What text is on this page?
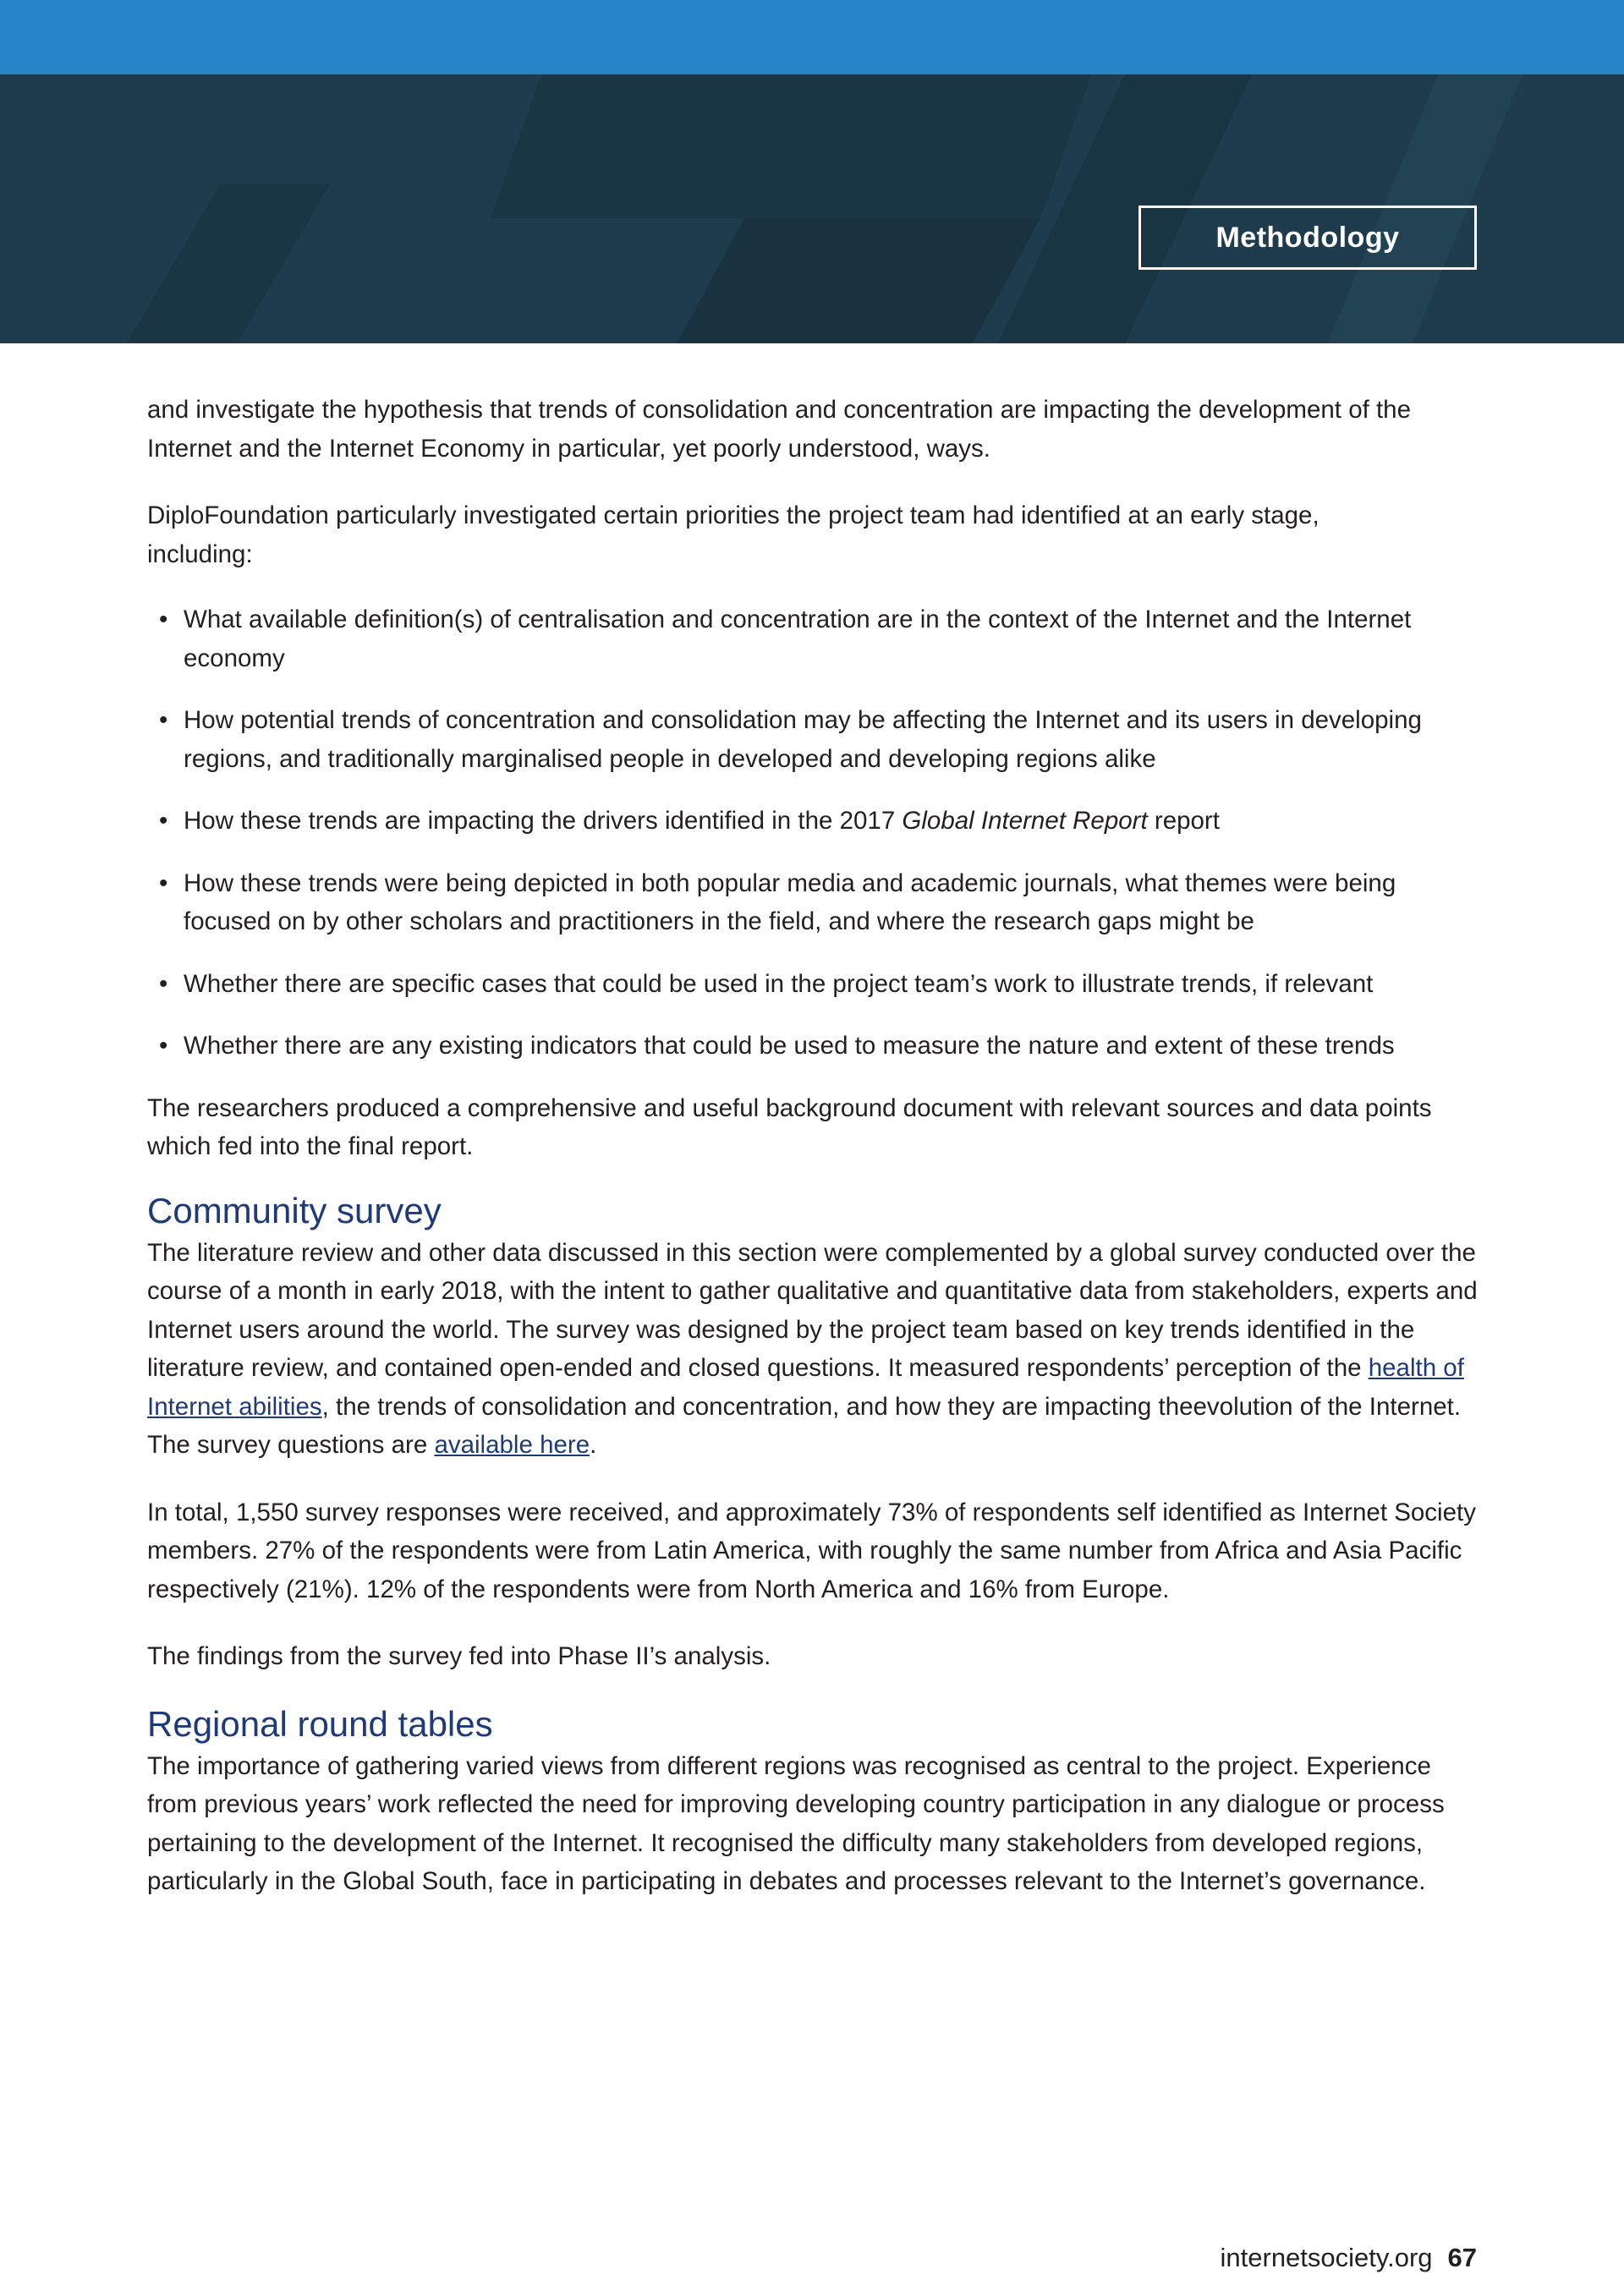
Methodology

and investigate the hypothesis that trends of consolidation and concentration are impacting the development of the Internet and the Internet Economy in particular, yet poorly understood, ways.

DiploFoundation particularly investigated certain priorities the project team had identified at an early stage, including:

• What available definition(s) of centralisation and concentration are in the context of the Internet and the Internet economy
• How potential trends of concentration and consolidation may be affecting the Internet and its users in developing regions, and traditionally marginalised people in developed and developing regions alike
• How these trends are impacting the drivers identified in the 2017 Global Internet Report report
• How these trends were being depicted in both popular media and academic journals, what themes were being focused on by other scholars and practitioners in the field, and where the research gaps might be
• Whether there are specific cases that could be used in the project team’s work to illustrate trends, if relevant
• Whether there are any existing indicators that could be used to measure the nature and extent of these trends

The researchers produced a comprehensive and useful background document with relevant sources and data points which fed into the final report.

Community survey

The literature review and other data discussed in this section were complemented by a global survey conducted over the course of a month in early 2018, with the intent to gather qualitative and quantitative data from stakeholders, experts and Internet users around the world. The survey was designed by the project team based on key trends identified in the literature review, and contained open-ended and closed questions. It measured respondents’ perception of the health of Internet abilities, the trends of consolidation and concentration, and how they are impacting theevolution of the Internet. The survey questions are available here.

In total, 1,550 survey responses were received, and approximately 73% of respondents self identified as Internet Society members. 27% of the respondents were from Latin America, with roughly the same number from Africa and Asia Pacific respectively (21%). 12% of the respondents were from North America and 16% from Europe.

The findings from the survey fed into Phase II’s analysis.

Regional round tables

The importance of gathering varied views from different regions was recognised as central to the project. Experience from previous years’ work reflected the need for improving developing country participation in any dialogue or process pertaining to the development of the Internet. It recognised the difficulty many stakeholders from developed regions, particularly in the Global South, face in participating in debates and processes relevant to the Internet’s governance.

internetsociety.org 67
